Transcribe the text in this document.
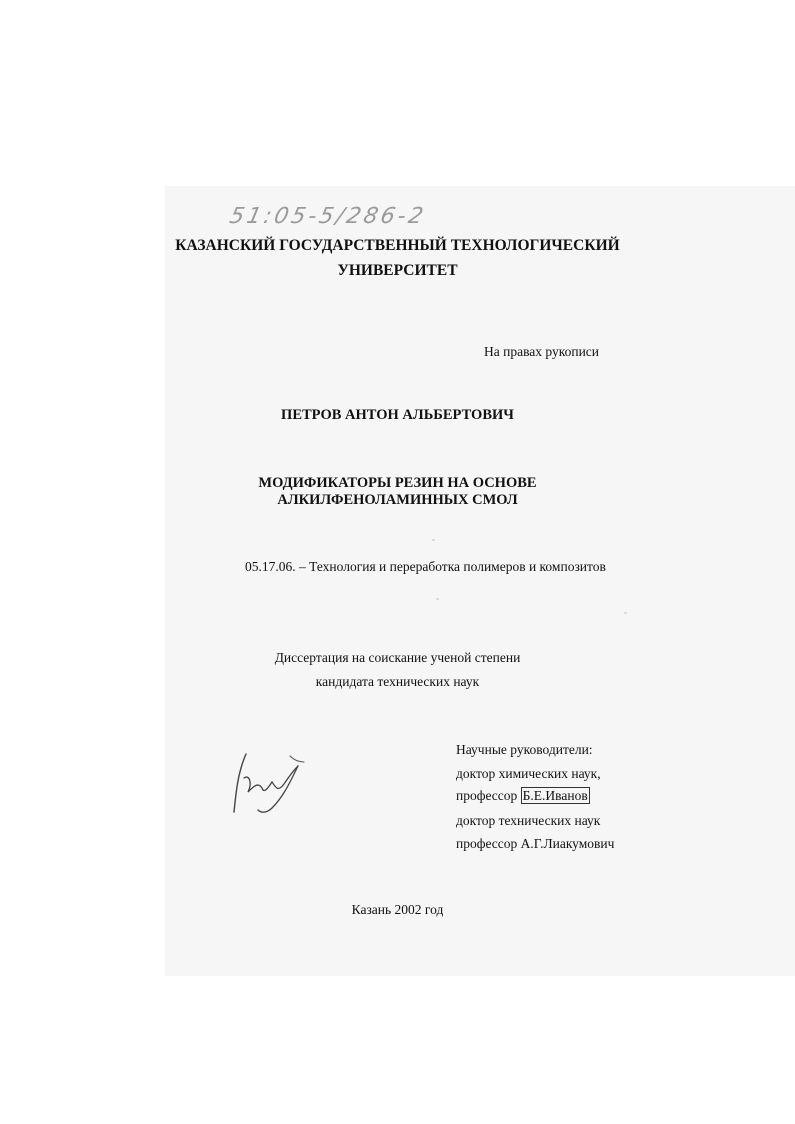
51:05-5/286-2
КАЗАНСКИЙ ГОСУДАРСТВЕННЫЙ ТЕХНОЛОГИЧЕСКИЙ
УНИВЕРСИТЕТ
На правах рукописи
ПЕТРОВ АНТОН АЛЬБЕРТОВИЧ
МОДИФИКАТОРЫ РЕЗИН НА ОСНОВЕ
АЛКИЛФЕНОЛАМИННЫХ СМОЛ
05.17.06. – Технология и переработка полимеров и композитов
Диссертация на соискание ученой степени
кандидата технических наук
Научные руководители:
доктор химических наук,
профессор Б.Е.Иванов
доктор технических наук
профессор А.Г.Лиакумович
Казань 2002 год
